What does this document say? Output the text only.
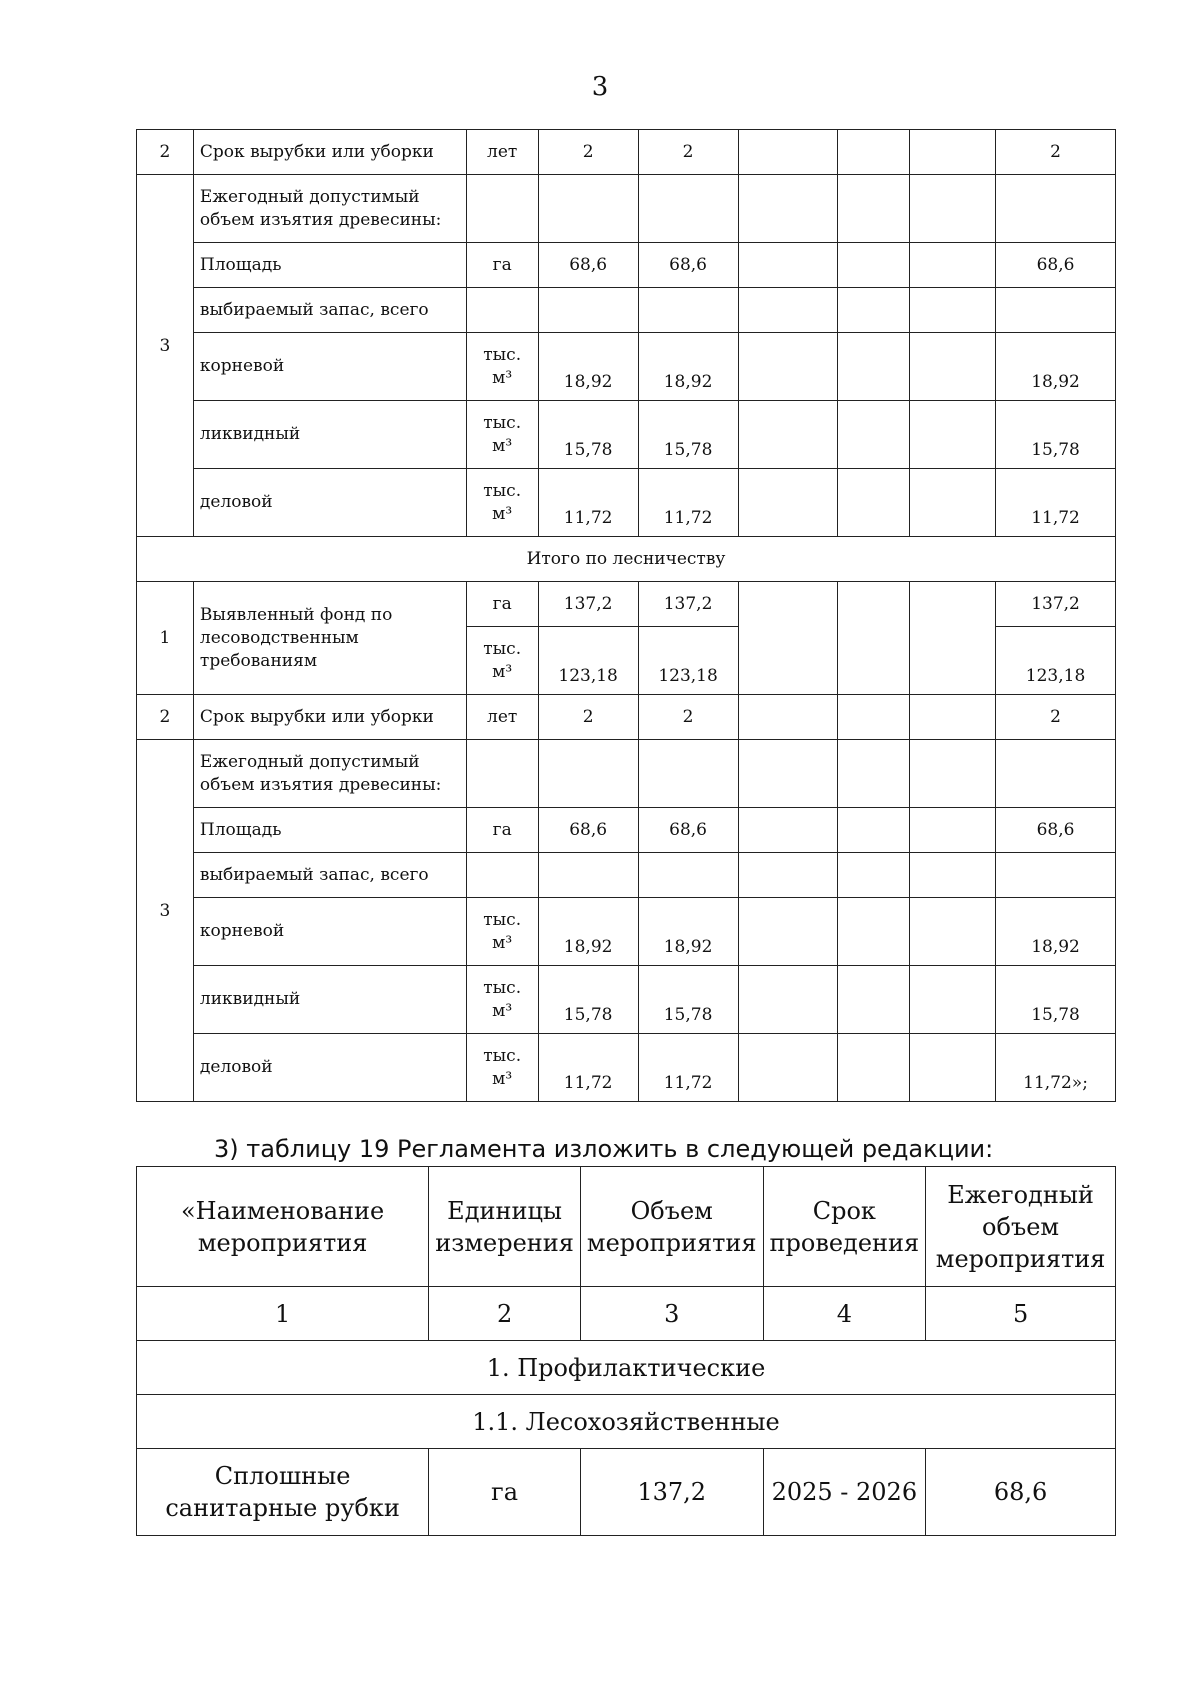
3
2	Срок вырубки или уборки	лет	2	2				2
3	Ежегодный допустимый объем изъятия древесины:							
	Площадь	га	68,6	68,6				68,6
	выбираемый запас, всего							
	корневой	тыс. м³	18,92	18,92				18,92
	ликвидный	тыс. м³	15,78	15,78				15,78
	деловой	тыс. м³	11,72	11,72				11,72
Итого по лесничеству								
1	Выявленный фонд по лесоводственным требованиям	га	137,2	137,2				137,2
		тыс. м³	123,18	123,18				123,18
2	Срок вырубки или уборки	лет	2	2				2
3	Ежегодный допустимый объем изъятия древесины:							
	Площадь	га	68,6	68,6				68,6
	выбираемый запас, всего							
	корневой	тыс. м³	18,92	18,92				18,92
	ликвидный	тыс. м³	15,78	15,78				15,78
	деловой	тыс. м³	11,72	11,72				11,72»;
3) таблицу 19 Регламента изложить в следующей редакции:
«Наименование мероприятия	Единицы измерения	Объем мероприятия	Срок проведения	Ежегодный объем мероприятия
1	2	3	4	5
1. Профилактические				
1.1. Лесохозяйственные				
Сплошные санитарные рубки	га	137,2	2025 - 2026	68,6
